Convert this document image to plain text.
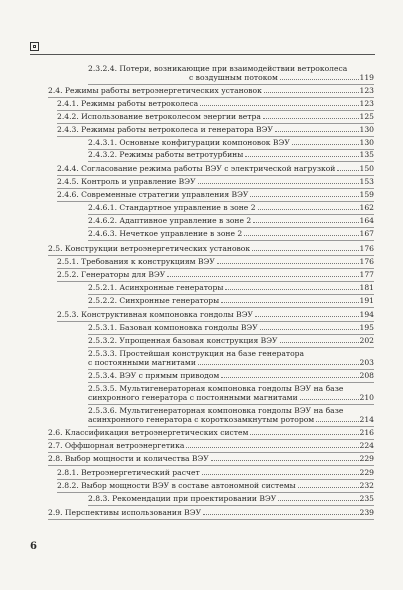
2.3.2.4. Потери, возникающие при взаимодействии ветроколеса
с воздушным потоком	119
2.4. Режимы работы ветроэнергетических установок	123
2.4.1. Режимы работы ветроколеса	123
2.4.2. Использование ветроколесом энергии ветра	125
2.4.3. Режимы работы ветроколеса и генератора ВЭУ	130
2.4.3.1. Основные конфигурации компоновок ВЭУ	130
2.4.3.2. Режимы работы ветротурбины	135
2.4.4. Согласование режима работы ВЭУ с электрической нагрузкой	150
2.4.5. Контроль и управление ВЭУ	153
2.4.6. Современные стратегии управления ВЭУ	159
2.4.6.1. Стандартное управление в зоне 2	162
2.4.6.2. Адаптивное управление в зоне 2	164
2.4.6.3. Нечеткое управление в зоне 2	167
2.5. Конструкции ветроэнергетических установок	176
2.5.1. Требования к конструкциям ВЭУ	176
2.5.2. Генераторы для ВЭУ	177
2.5.2.1. Асинхронные генераторы	181
2.5.2.2. Синхронные генераторы	191
2.5.3. Конструктивная компоновка гондолы ВЭУ	194
2.5.3.1. Базовая компоновка гондолы ВЭУ	195
2.5.3.2. Упрощенная базовая конструкция ВЭУ	202
2.5.3.3. Простейшая конструкция на базе генератора
с постоянными магнитами	203
2.5.3.4. ВЭУ с прямым приводом	208
2.5.3.5. Мультигенераторная компоновка гондолы ВЭУ на базе
синхронного генератора с постоянными магнитами	210
2.5.3.6. Мультигенераторная компоновка гондолы ВЭУ на базе
асинхронного генератора с короткозамкнутым ротором	214
2.6. Классификация ветроэнергетических систем	216
2.7. Оффшорная ветроэнергетика	224
2.8. Выбор мощности и количества ВЭУ	229
2.8.1. Ветроэнергетический расчет	229
2.8.2. Выбор мощности ВЭУ в составе автономной системы	232
2.8.3. Рекомендации при проектировании ВЭУ	235
2.9. Перспективы использования ВЭУ	239
6
